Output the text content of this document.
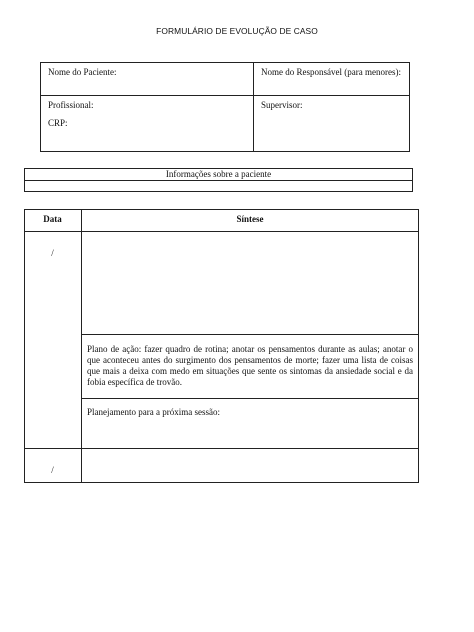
FORMULÁRIO DE EVOLUÇÃO DE CASO
Nome do Paciente:	Nome do Responsável (para menores):
Profissional:
CRP:
Supervisor:
Informações sobre a paciente
Data	Síntese
/
Plano de ação: fazer quadro de rotina; anotar os pensamentos durante as aulas; anotar o que aconteceu antes do surgimento dos pensamentos de morte; fazer uma lista de coisas que mais a deixa com medo em situações que sente os sintomas da ansiedade social e da fobia específica de trovão.
Planejamento para a próxima sessão:
/
